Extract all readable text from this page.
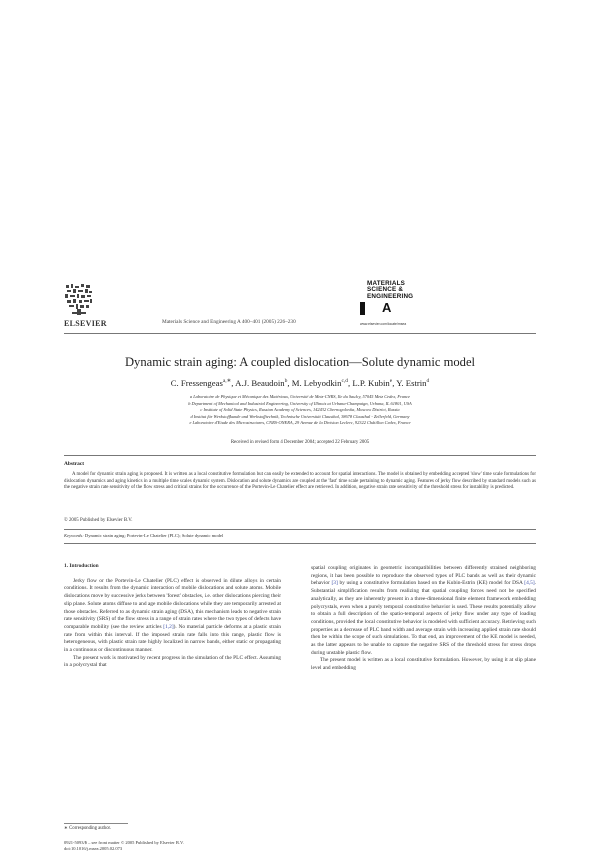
ELSEVIER	Materials Science and Engineering A 400–401 (2005) 226–230
MATERIALS
SCIENCE &
ENGINEERING
A
www.elsevier.com/locate/msea
Dynamic strain aging: A coupled dislocation—Solute dynamic model
C. Fressengeas$^{a,∗}$, A.J. Beaudoin$^b$, M. Lebyodkin$^{c,d}$, L.P. Kubin$^e$, Y. Estrin$^d$
a Laboratoire de Physique et Mécanique des Matériaux, Université de Metz-CNRS, Ile du Saulcy, 57045 Metz Cedex, France
b Department of Mechanical and Industrial Engineering, University of Illinois at Urbana-Champaign, Urbana, IL 61801, USA
c Institute of Solid State Physics, Russian Academy of Sciences, 142432 Chernogolovka, Moscow District, Russia
d Institut für Werkstoffkunde und Werkstofftechnik, Technische Universität Clausthal, 38678 Clausthal - Zellerfeld, Germany
e Laboratoire d'Etude des Microstructures, CNRS-ONERA, 29 Avenue de la Division Leclerc, 92322 Châtillon Cedex, France
Received in revised form 4 December 2004; accepted 22 February 2005
Abstract
A model for dynamic strain aging is proposed. It is written as a local constitutive formulation but can easily be extended to account for spatial interactions. The model is obtained by embedding accepted 'slow' time scale formulations for dislocation dynamics and aging kinetics in a multiple time scales dynamic system. Dislocation and solute dynamics are coupled at the 'fast' time scale pertaining to dynamic aging. Features of jerky flow described by standard models such as the negative strain rate sensitivity of the flow stress and critical strains for the occurrence of the Portevin-Le Chatelier effect are retrieved. In addition, negative strain rate sensitivity of the threshold stress for instability is predicted.
© 2005 Published by Elsevier B.V.
Keywords: Dynamic strain aging; Portevin-Le Chatelier (PLC); Solute dynamic model
1. Introduction

Jerky flow or the Portevin-Le Chatelier (PLC) effect is observed in dilute alloys in certain conditions. It results from the dynamic interaction of mobile dislocations and solute atoms. Mobile dislocations move by successive jerks between 'forest' obstacles, i.e. other dislocations piercing their slip plane. Solute atoms diffuse to and age mobile dislocations while they are temporarily arrested at those obstacles. Referred to as dynamic strain aging (DSA), this mechanism leads to negative strain rate sensitivity (SRS) of the flow stress in a range of strain rates where the two types of defects have comparable mobility (see the review articles [1,2]). No material particle deforms at a plastic strain rate from within this interval. If the imposed strain rate falls into this range, plastic flow is heterogeneous, with plastic strain rate highly localized in narrow bands, either static or propagating in a continuous or discontinuous manner.

The present work is motivated by recent progress in the simulation of the PLC effect. Assuming in a polycrystal that

spatial coupling originates in geometric incompatibilities between differently strained neighboring regions, it has been possible to reproduce the observed types of PLC bands as well as their dynamic behavior [3] by using a constitutive formulation based on the Kubin-Estrin (KE) model for DSA [4,5]. Substantial simplification results from realizing that spatial coupling forces need not be specified analytically, as they are inherently present in a three-dimensional finite element framework embedding polycrystals, even when a purely temporal constitutive behavior is used. These results potentially allow to obtain a full description of the spatio-temporal aspects of jerky flow under any type of loading conditions, provided the local constitutive behavior is modeled with sufficient accuracy. Retrieving such properties as a decrease of PLC band width and average strain with increasing applied strain rate should then be within the scope of such simulations. To that end, an improvement of the KE model is needed, as the latter appears to be unable to capture the negative SRS of the threshold stress for stress drops during unstable plastic flow.

The present model is written as a local constitutive formulation. However, by using it at slip plane level and embedding

∗ Corresponding author.
0921-5093/$ – see front matter © 2005 Published by Elsevier B.V.
doi:10.1016/j.msea.2005.02.073
